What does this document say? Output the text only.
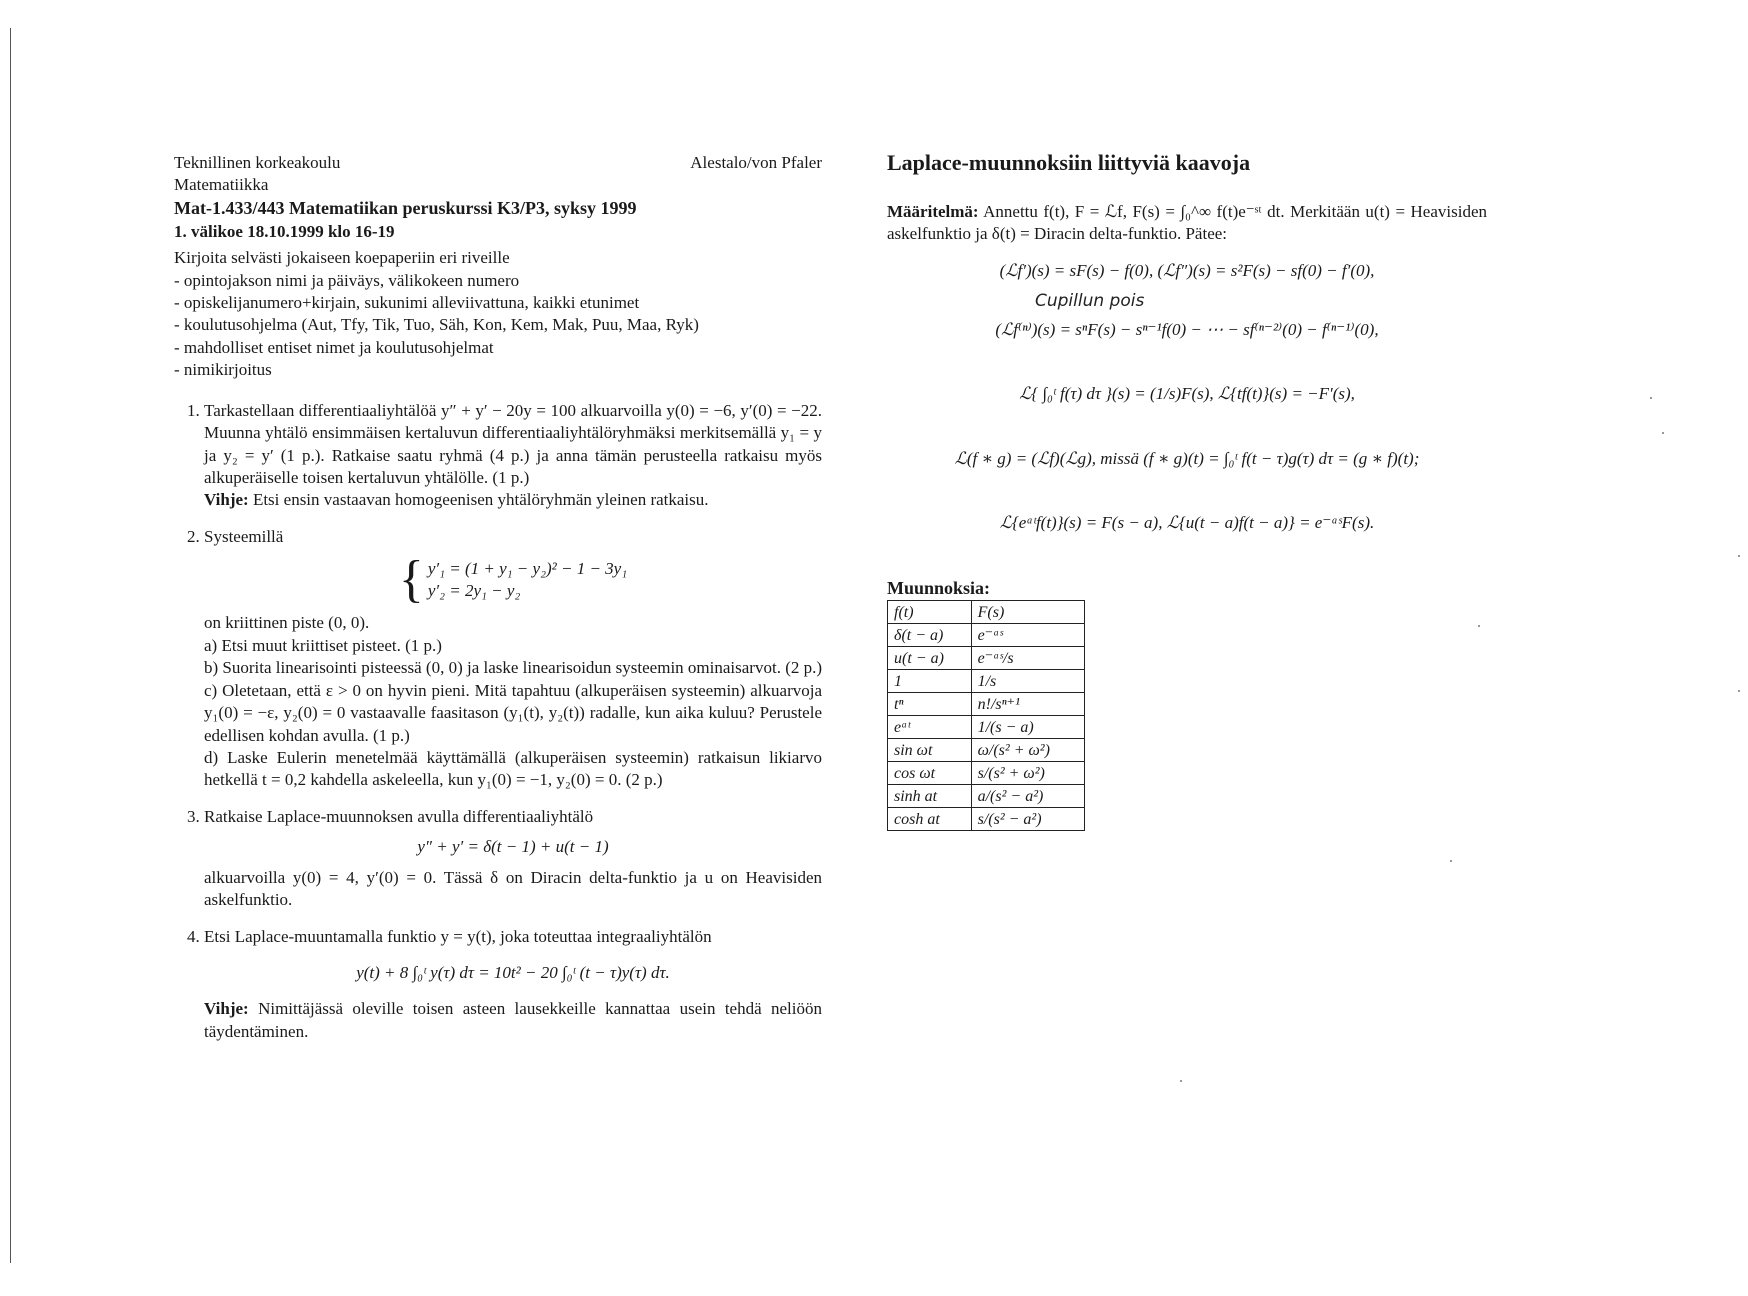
Teknillinen korkeakoulu	Alestalo/von Pfaler
Matematiikka
Mat-1.433/443 Matematiikan peruskurssi K3/P3, syksy 1999
1. välikoe 18.10.1999 klo 16-19
Kirjoita selvästi jokaiseen koepaperiin eri riveille
- opintojakson nimi ja päiväys, välikokeen numero
- opiskelijanumero+kirjain, sukunimi alleviivattuna, kaikki etunimet
- koulutusohjelma (Aut, Tfy, Tik, Tuo, Säh, Kon, Kem, Mak, Puu, Maa, Ryk)
- mahdolliset entiset nimet ja koulutusohjelmat
- nimikirjoitus
1. Tarkastellaan differentiaaliyhtälöä y″ + y′ − 20y = 100 alkuarvoilla y(0) = −6, y′(0) = −22. Muunna yhtälö ensimmäisen kertaluvun differentiaaliyhtälöryhmäksi merkitsemällä y₁ = y ja y₂ = y′ (1 p.). Ratkaise saatu ryhmä (4 p.) ja anna tämän perusteella ratkaisu myös alkuperäiselle toisen kertaluvun yhtälölle. (1 p.)
Vihje: Etsi ensin vastaavan homogeenisen yhtälöryhmän yleinen ratkaisu.
2. Systeemillä
{ y′₁ = (1 + y₁ − y₂)² − 1 − 3y₁
y′₂ = 2y₁ − y₂
on kriittinen piste (0, 0).
a) Etsi muut kriittiset pisteet. (1 p.)
b) Suorita linearisointi pisteessä (0, 0) ja laske linearisoidun systeemin ominaisarvot. (2 p.)
c) Oletetaan, että ε > 0 on hyvin pieni. Mitä tapahtuu (alkuperäisen systeemin) alkuarvoja y₁(0) = −ε, y₂(0) = 0 vastaavalle faasitason (y₁(t), y₂(t)) radalle, kun aika kuluu? Perustele edellisen kohdan avulla. (1 p.)
d) Laske Eulerin menetelmää käyttämällä (alkuperäisen systeemin) ratkaisun likiarvo hetkellä t = 0,2 kahdella askeleella, kun y₁(0) = −1, y₂(0) = 0. (2 p.)
3. Ratkaise Laplace-muunnoksen avulla differentiaaliyhtälö
y″ + y′ = δ(t − 1) + u(t − 1)
alkuarvoilla y(0) = 4, y′(0) = 0. Tässä δ on Diracin delta-funktio ja u on Heavisiden askelfunktio.
4. Etsi Laplace-muuntamalla funktio y = y(t), joka toteuttaa integraaliyhtälön
y(t) + 8 ∫₀ᵗ y(τ) dτ = 10t² − 20 ∫₀ᵗ (t − τ)y(τ) dτ.
Vihje: Nimittäjässä oleville toisen asteen lausekkeille kannattaa usein tehdä neliöön täydentäminen.
Laplace-muunnoksiin liittyviä kaavoja
Määritelmä: Annettu f(t), F = ℒf, F(s) = ∫₀^∞ f(t)e⁻ˢᵗ dt. Merkitään u(t) = Heavisiden askelfunktio ja δ(t) = Diracin delta-funktio. Pätee:
(ℒf′)(s) = sF(s) − f(0), (ℒf″)(s) = s²F(s) − sf(0) − f′(0),
Cupillun pois
(ℒf⁽ⁿ⁾)(s) = sⁿF(s) − sⁿ⁻¹f(0) − ⋯ − sf⁽ⁿ⁻²⁾(0) − f⁽ⁿ⁻¹⁾(0),
ℒ{ ∫₀ᵗ f(τ) dτ }(s) = (1/s)F(s), ℒ{tf(t)}(s) = −F′(s),
ℒ(f ∗ g) = (ℒf)(ℒg), missä (f ∗ g)(t) = ∫₀ᵗ f(t − τ)g(τ) dτ = (g ∗ f)(t);
ℒ{eᵃᵗf(t)}(s) = F(s − a), ℒ{u(t − a)f(t − a)} = e⁻ᵃˢF(s).
Muunnoksia:
f(t)	F(s)
δ(t − a)	e⁻ᵃˢ
u(t − a)	e⁻ᵃˢ/s
1	1/s
tⁿ	n!/sⁿ⁺¹
eᵃᵗ	1/(s − a)
sin ωt	ω/(s² + ω²)
cos ωt	s/(s² + ω²)
sinh at	a/(s² − a²)
cosh at	s/(s² − a²)
